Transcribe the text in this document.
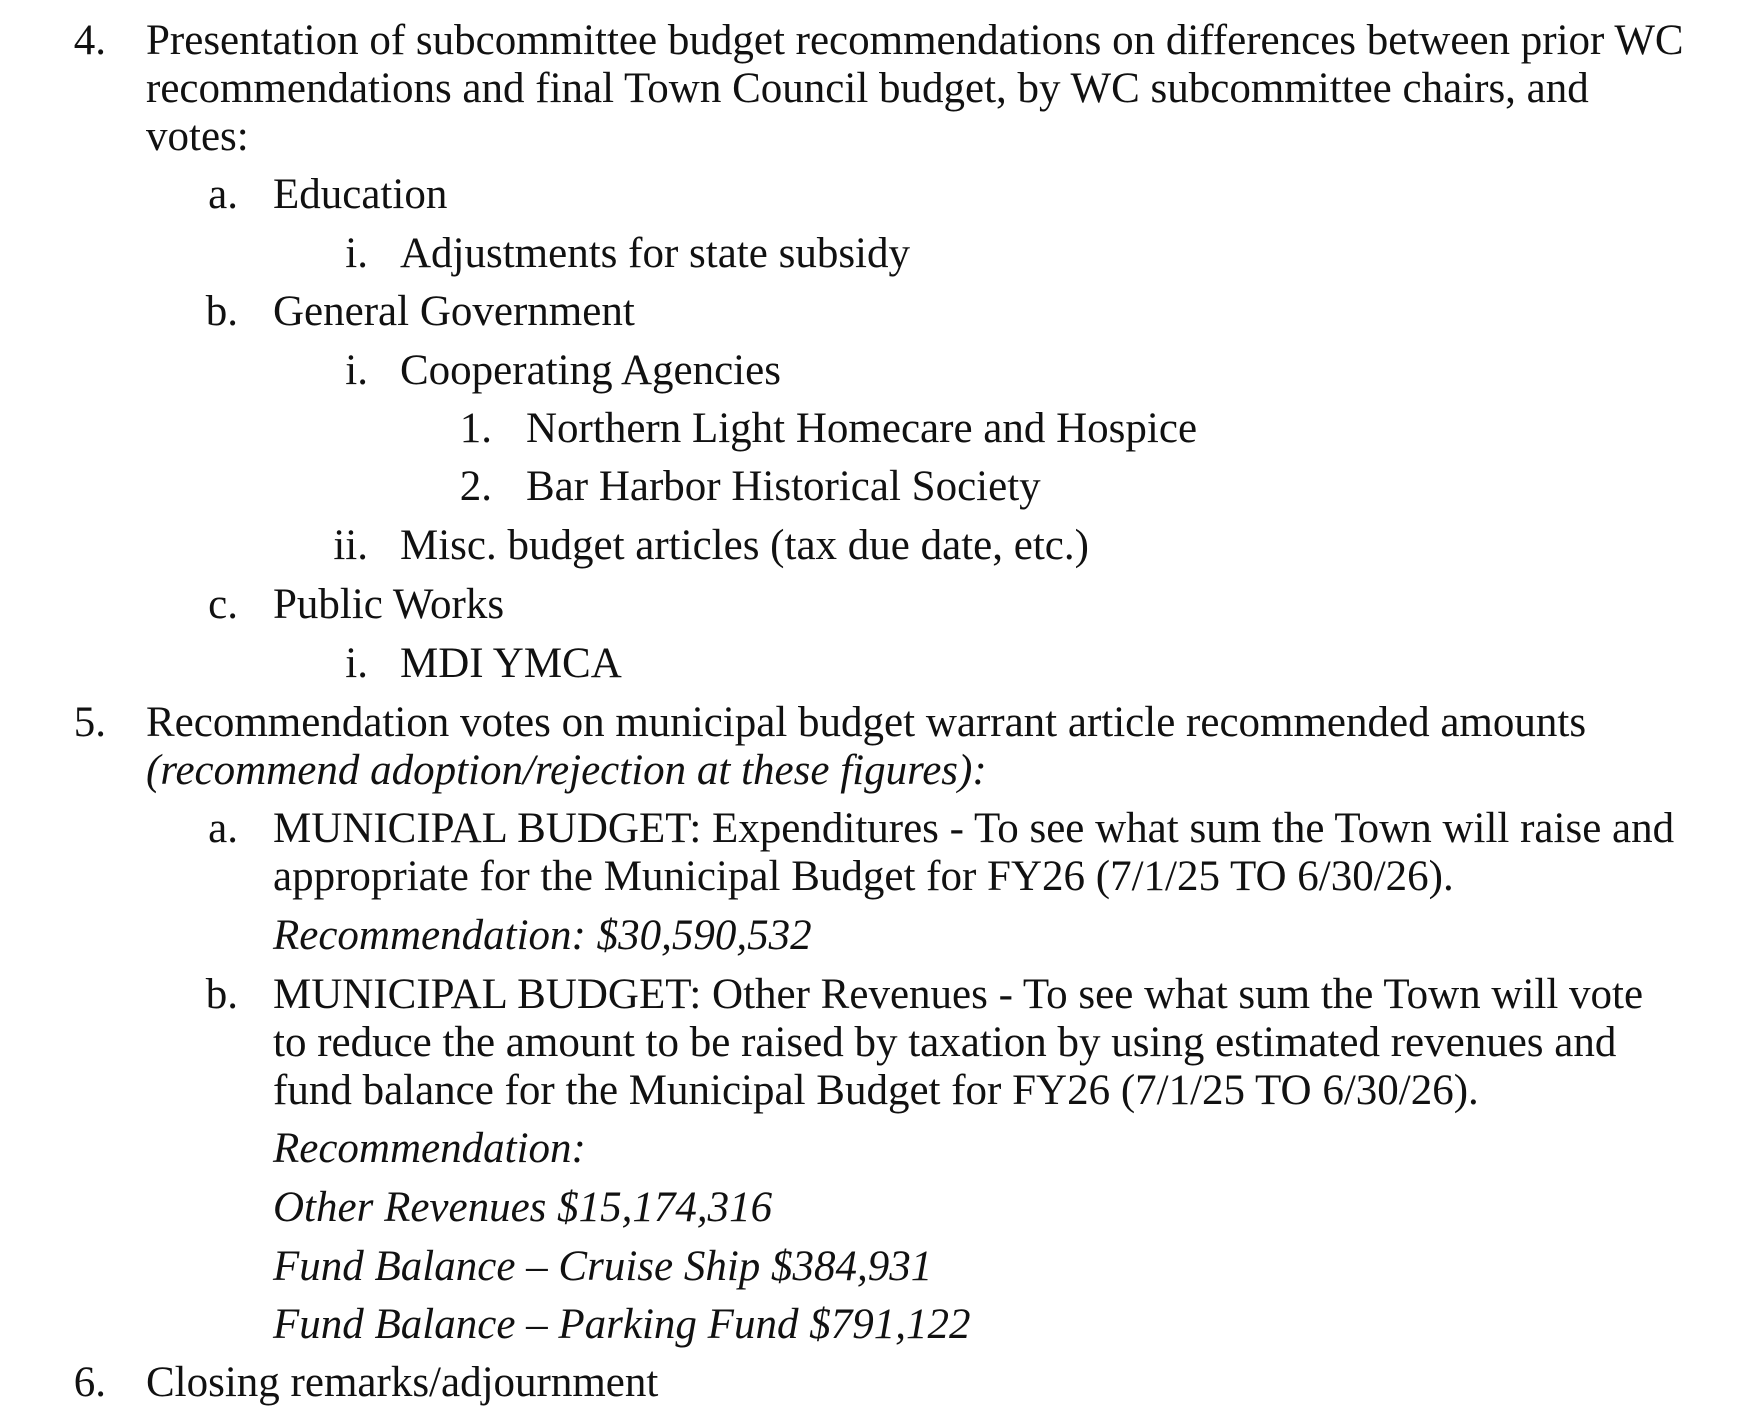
4. Presentation of subcommittee budget recommendations on differences between prior WC
recommendations and final Town Council budget, by WC subcommittee chairs, and
votes:
a. Education
i. Adjustments for state subsidy
b. General Government
i. Cooperating Agencies
1. Northern Light Homecare and Hospice
2. Bar Harbor Historical Society
ii. Misc. budget articles (tax due date, etc.)
c. Public Works
i. MDI YMCA
5. Recommendation votes on municipal budget warrant article recommended amounts
(recommend adoption/rejection at these figures):
a. MUNICIPAL BUDGET: Expenditures - To see what sum the Town will raise and
appropriate for the Municipal Budget for FY26 (7/1/25 TO 6/30/26).
Recommendation: $30,590,532
b. MUNICIPAL BUDGET: Other Revenues - To see what sum the Town will vote
to reduce the amount to be raised by taxation by using estimated revenues and
fund balance for the Municipal Budget for FY26 (7/1/25 TO 6/30/26).
Recommendation:
Other Revenues $15,174,316
Fund Balance – Cruise Ship $384,931
Fund Balance – Parking Fund $791,122
6. Closing remarks/adjournment
